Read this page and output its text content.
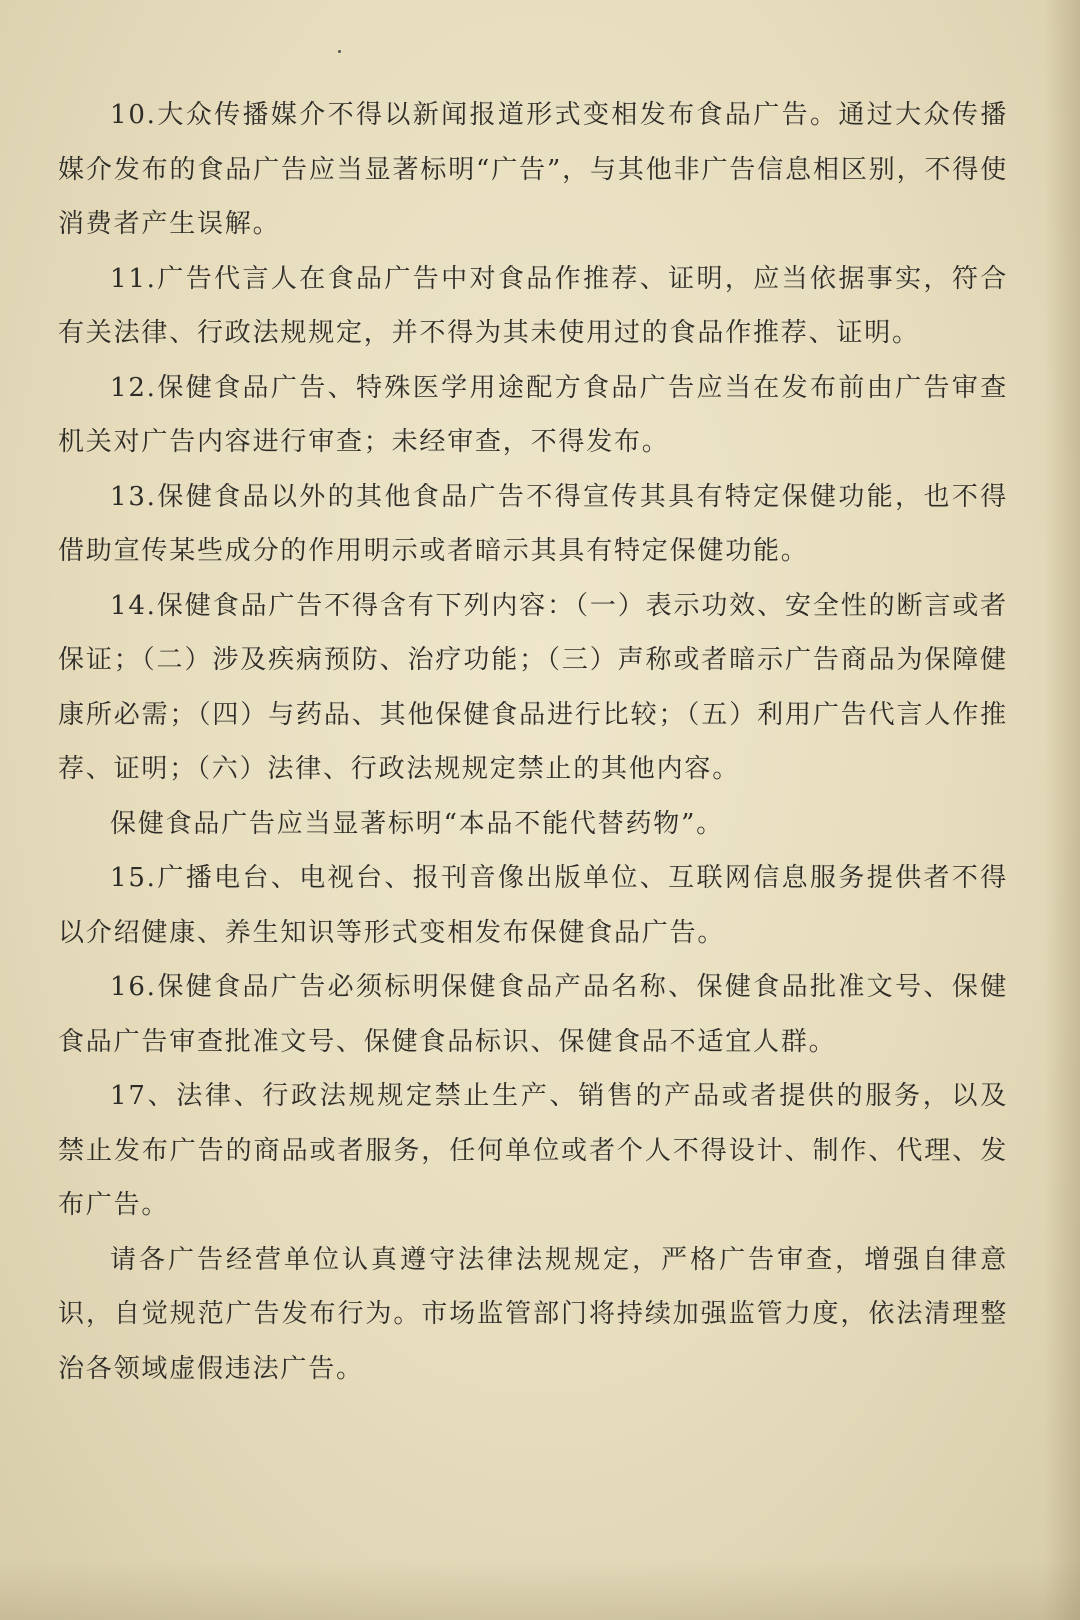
10.大众传播媒介不得以新闻报道形式变相发布食品广告。通过大众传播媒介发布的食品广告应当显著标明“广告”，与其他非广告信息相区别，不得使消费者产生误解。

11.广告代言人在食品广告中对食品作推荐、证明，应当依据事实，符合有关法律、行政法规规定，并不得为其未使用过的食品作推荐、证明。

12.保健食品广告、特殊医学用途配方食品广告应当在发布前由广告审查机关对广告内容进行审查；未经审查，不得发布。

13.保健食品以外的其他食品广告不得宣传其具有特定保健功能，也不得借助宣传某些成分的作用明示或者暗示其具有特定保健功能。

14.保健食品广告不得含有下列内容：（一）表示功效、安全性的断言或者保证；（二）涉及疾病预防、治疗功能；（三）声称或者暗示广告商品为保障健康所必需；（四）与药品、其他保健食品进行比较；（五）利用广告代言人作推荐、证明；（六）法律、行政法规规定禁止的其他内容。

保健食品广告应当显著标明“本品不能代替药物”。

15.广播电台、电视台、报刊音像出版单位、互联网信息服务提供者不得以介绍健康、养生知识等形式变相发布保健食品广告。

16.保健食品广告必须标明保健食品产品名称、保健食品批准文号、保健食品广告审查批准文号、保健食品标识、保健食品不适宜人群。

17、法律、行政法规规定禁止生产、销售的产品或者提供的服务，以及禁止发布广告的商品或者服务，任何单位或者个人不得设计、制作、代理、发布广告。

请各广告经营单位认真遵守法律法规规定，严格广告审查，增强自律意识，自觉规范广告发布行为。市场监管部门将持续加强监管力度，依法清理整治各领域虚假违法广告。
